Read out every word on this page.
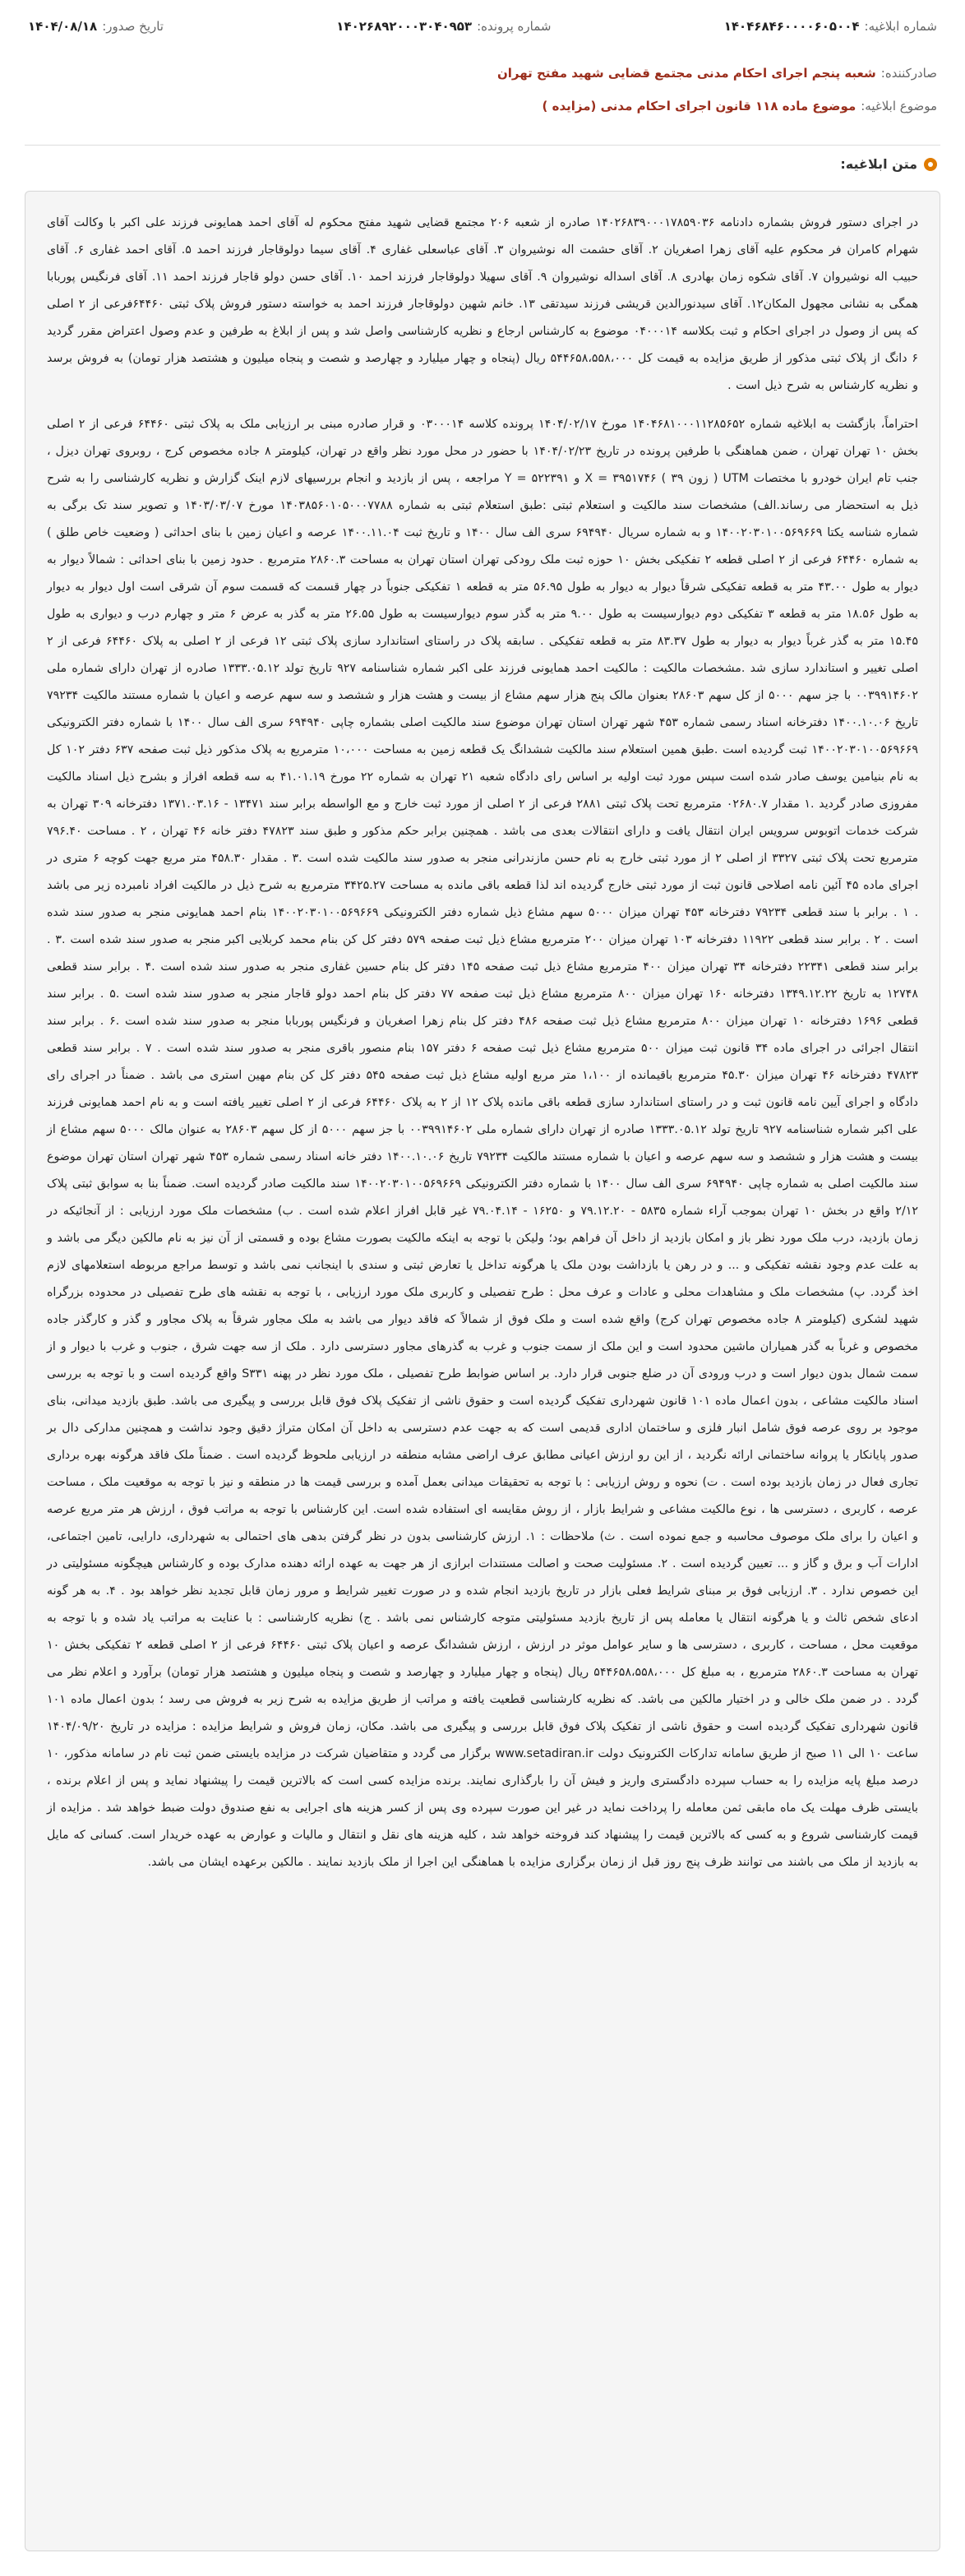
شماره ابلاغیه:
۱۴۰۴۶۸۴۶۰۰۰۰۶۰۵۰۰۴
شماره پرونده:
۱۴۰۲۶۸۹۲۰۰۰۳۰۴۰۹۵۳
تاریخ صدور:
۱۴۰۴/۰۸/۱۸
صادرکننده:
شعبه پنجم اجرای احکام مدنی مجتمع قضایی شهید مفتح تهران
موضوع ابلاغیه:
موضوع ماده ۱۱۸ قانون اجرای احکام مدنی (مزایده )
متن ابلاغیه:

در اجرای دستور فروش بشماره دادنامه ۱۴۰۲۶۸۳۹۰۰۰۱۷۸۵۹۰۳۶ صادره از شعبه ۲۰۶ مجتمع قضایی شهید مفتح محکوم له آقای احمد همایونی فرزند علی اکبر با وکالت آقای شهرام کامران فر محکوم علیه آقای زهرا اصغریان ۲. آقای حشمت اله نوشیروان ۳. آقای عباسعلی غفاری ۴. آقای سیما دولوقاجار فرزند احمد ۵. آقای احمد غفاری ۶. آقای حبیب اله نوشیروان ۷. آقای شکوه زمان بهادری ۸. آقای اسداله نوشیروان ۹. آقای سهیلا دولوقاجار فرزند احمد ۱۰. آقای حسن دولو قاجار فرزند احمد ۱۱. آقای فرنگیس پوربابا همگی به نشانی مجهول المکان۱۲. آقای سیدنورالدین قریشی فرزند سیدتقی ۱۳. خانم شهین دولوقاجار فرزند احمد به خواسته دستور فروش پلاک ثبتی ۶۴۴۶۰فرعی از ۲ اصلی که پس از وصول در اجرای احکام و ثبت بکلاسه ۰۴۰۰۰۱۴ موضوع به کارشناس ارجاع و نظریه کارشناسی واصل شد و پس از ابلاغ به طرفین و عدم وصول اعتراض مقرر گردید ۶ دانگ از پلاک ثبتی مذکور از طریق مزایده به قیمت کل ۵۴۴۶۵۸،۵۵۸،۰۰۰ ریال (پنجاه و چهار میلیارد و چهارصد و شصت و پنجاه میلیون و هشتصد هزار تومان) به فروش برسد و نظریه کارشناس به شرح ذیل است .

احتراماً، بازگشت به ابلاغیه شماره ۱۴۰۴۶۸۱۰۰۰۱۱۲۸۵۶۵۲ مورخ ۱۴۰۴/۰۲/۱۷ پرونده کلاسه ۰۳۰۰۰۱۴ و قرار صادره مبنی بر ارزیابی ملک به پلاک ثبتی ۶۴۴۶۰ فرعی از ۲ اصلی بخش ۱۰ تهران تهران ، ضمن هماهنگی با طرفین پرونده در تاریخ ۱۴۰۴/۰۲/۲۳ با حضور در محل مورد نظر واقع در تهران، کیلومتر ۸ جاده مخصوص کرج ، روبروی تهران دیزل ، جنب تام ایران خودرو با مختصات UTM ( زون ۳۹ ) ۳۹۵۱۷۴۶ = X و ۵۲۲۳۹۱ = Y مراجعه ، پس از بازدید و انجام بررسیهای لازم اینک گزارش و نظریه کارشناسی را به شرح ذیل به استحضار می رساند.الف) مشخصات سند مالکیت و استعلام ثبتی :طبق استعلام ثبتی به شماره ۱۴۰۳۸۵۶۰۱۰۵۰۰۰۷۷۸۸ مورخ ۱۴۰۳/۰۳/۰۷ و تصویر سند تک برگی به شماره شناسه یکتا ۱۴۰۰۲۰۳۰۱۰۰۵۶۹۶۶۹ و به شماره سریال ۶۹۴۹۴۰ سری الف سال ۱۴۰۰ و تاریخ ثبت ۱۴۰۰.۱۱.۰۴ عرصه و اعیان زمین با بنای احداثی ( وضعیت خاص طلق ) به شماره ۶۴۴۶۰ فرعی از ۲ اصلی قطعه ۲ تفکیکی بخش ۱۰ حوزه ثبت ملک رودکی تهران استان تهران به مساحت ۲۸۶۰.۳ مترمربع . حدود زمین با بنای احداثی : شمالاً دیوار به دیوار به طول ۴۳.۰۰ متر به قطعه تفکیکی شرقاً دیوار به دیوار به طول ۵۶.۹۵ متر به قطعه ۱ تفکیکی جنوباً در چهار قسمت که قسمت سوم آن شرقی است اول دیوار به دیوار به طول ۱۸.۵۶ متر به قطعه ۳ تفکیکی دوم دیوارسیست به طول ۹.۰۰ متر به گذر سوم دیوارسیست به طول ۲۶.۵۵ متر به گذر به عرض ۶ متر و چهارم درب و دیواری به طول ۱۵.۴۵ متر به گذر غرباً دیوار به دیوار به طول ۸۳.۳۷ متر به قطعه تفکیکی . سابقه پلاک در راستای استاندارد سازی پلاک ثبتی ۱۲ فرعی از ۲ اصلی به پلاک ۶۴۴۶۰ فرعی از ۲ اصلی تغییر و استاندارد سازی شد .مشخصات مالکیت : مالکیت احمد همایونی فرزند علی اکبر شماره شناسنامه ۹۲۷ تاریخ تولد ۱۳۳۳.۰۵.۱۲ صادره از تهران دارای شماره ملی ۰۰۳۹۹۱۴۶۰۲ با جز سهم ۵۰۰۰ از کل سهم ۲۸۶۰۳ بعنوان مالک پنج هزار سهم مشاع از بیست و هشت هزار و ششصد و سه سهم عرصه و اعیان با شماره مستند مالکیت ۷۹۲۳۴ تاریخ ۱۴۰۰.۱۰.۰۶ دفترخانه اسناد رسمی شماره ۴۵۳ شهر تهران استان تهران موضوع سند مالکیت اصلی بشماره چاپی ۶۹۴۹۴۰ سری الف سال ۱۴۰۰ با شماره دفتر الکترونیکی ۱۴۰۰۲۰۳۰۱۰۰۵۶۹۶۶۹ ثبت گردیده است .طبق همین استعلام سند مالکیت ششدانگ یک قطعه زمین به مساحت ۱۰،۰۰۰ مترمربع به پلاک مذکور ذیل ثبت صفحه ۶۳۷ دفتر ۱۰۲ کل به نام بنیامین یوسف صادر شده است سپس مورد ثبت اولیه بر اساس رای دادگاه شعبه ۲۱ تهران به شماره ۲۲ مورخ ۴۱.۰۱.۱۹ به سه قطعه افراز و بشرح ذیل اسناد مالکیت مفروزی صادر گردید .۱ مقدار ۰۲۶۸۰.۷ مترمربع تحت پلاک ثبتی ۲۸۸۱ فرعی از ۲ اصلی از مورد ثبت خارج و مع الواسطه برابر سند ۱۳۴۷۱ - ۱۳۷۱.۰۳.۱۶ دفترخانه ۳۰۹ تهران به شرکت خدمات اتوبوس سرویس ایران انتقال یافت و دارای انتقالات بعدی می باشد . همچنین برابر حکم مذکور و طبق سند ۴۷۸۲۳ دفتر خانه ۴۶ تهران ، ۲ . مساحت ۷۹۶.۴۰ مترمربع تحت پلاک ثبتی ۳۳۲۷ از اصلی ۲ از مورد ثبتی خارج به نام حسن مازندرانی منجر به صدور سند مالکیت شده است .۳ . مقدار ۴۵۸.۳۰ متر مربع جهت کوچه ۶ متری در اجرای ماده ۴۵ آئین نامه اصلاحی قانون ثبت از مورد ثبتی خارج گردیده اند لذا قطعه باقی مانده به مساحت ۳۴۲۵.۲۷ مترمربع به شرح ذیل در مالکیت افراد نامبرده زیر می باشد . ۱ . برابر با سند قطعی ۷۹۲۳۴ دفترخانه ۴۵۳ تهران میزان ۵۰۰۰ سهم مشاع ذیل شماره دفتر الکترونیکی ۱۴۰۰۲۰۳۰۱۰۰۵۶۹۶۶۹ بنام احمد همایونی منجر به صدور سند شده است . ۲ . برابر سند قطعی ۱۱۹۲۲ دفترخانه ۱۰۳ تهران میزان ۲۰۰ مترمربع مشاع ذیل ثبت صفحه ۵۷۹ دفتر کل کن بنام محمد کربلایی اکبر منجر به صدور سند شده است .۳ . برابر سند قطعی ۲۲۳۴۱ دفترخانه ۳۴ تهران میزان ۴۰۰ مترمربع مشاع ذیل ثبت صفحه ۱۴۵ دفتر کل بنام حسین غفاری منجر به صدور سند شده است .۴ . برابر سند قطعی ۱۲۷۴۸ به تاریخ ۱۳۴۹.۱۲.۲۲ دفترخانه ۱۶۰ تهران میزان ۸۰۰ مترمربع مشاع ذیل ثبت صفحه ۷۷ دفتر کل بنام احمد دولو قاجار منجر به صدور سند شده است .۵ . برابر سند قطعی ۱۶۹۶ دفترخانه ۱۰ تهران میزان ۸۰۰ مترمربع مشاع ذیل ثبت صفحه ۴۸۶ دفتر کل بنام زهرا اصغریان و فرنگیس پوربابا منجر به صدور سند شده است .۶ . برابر سند انتقال اجرائی در اجرای ماده ۳۴ قانون ثبت میزان ۵۰۰ مترمربع مشاع ذیل ثبت صفحه ۶ دفتر ۱۵۷ بنام منصور باقری منجر به صدور سند شده است . ۷ . برابر سند قطعی ۴۷۸۲۳ دفترخانه ۴۶ تهران میزان ۴۵.۳۰ مترمربع باقیمانده از ۱،۱۰۰ متر مربع اولیه مشاع ذیل ثبت صفحه ۵۴۵ دفتر کل کن بنام مهین استری می باشد . ضمناً در اجرای رای دادگاه و اجرای آیین نامه قانون ثبت و در راستای استاندارد سازی قطعه باقی مانده پلاک ۱۲ از ۲ به پلاک ۶۴۴۶۰ فرعی از ۲ اصلی تغییر یافته است و به نام احمد همایونی فرزند علی اکبر شماره شناسنامه ۹۲۷ تاریخ تولد ۱۳۳۳.۰۵.۱۲ صادره از تهران دارای شماره ملی ۰۰۳۹۹۱۴۶۰۲ با جز سهم ۵۰۰۰ از کل سهم ۲۸۶۰۳ به عنوان مالک ۵۰۰۰ سهم مشاع از بیست و هشت هزار و ششصد و سه سهم عرصه و اعیان با شماره مستند مالکیت ۷۹۲۳۴ تاریخ ۱۴۰۰.۱۰.۰۶ دفتر خانه اسناد رسمی شماره ۴۵۳ شهر تهران استان تهران موضوع سند مالکیت اصلی به شماره چاپی ۶۹۴۹۴۰ سری الف سال ۱۴۰۰ با شماره دفتر الکترونیکی ۱۴۰۰۲۰۳۰۱۰۰۵۶۹۶۶۹ سند مالکیت صادر گردیده است. ضمناً بنا به سوابق ثبتی پلاک ۲/۱۲ واقع در بخش ۱۰ تهران بموجب آراء شماره ۵۸۳۵ - ۷۹.۱۲.۲۰ و ۱۶۲۵۰ - ۷۹.۰۴.۱۴ غیر قابل افراز اعلام شده است . ب) مشخصات ملک مورد ارزیابی : از آنجائیکه در زمان بازدید، درب ملک مورد نظر باز و امکان بازدید از داخل آن فراهم بود؛ ولیکن با توجه به اینکه مالکیت بصورت مشاع بوده و قسمتی از آن نیز به نام مالکین دیگر می باشد و به علت عدم وجود نقشه تفکیکی و ... و در رهن یا بازداشت بودن ملک یا هرگونه تداخل یا تعارض ثبتی و سندی با اینجانب نمی باشد و توسط مراجع مربوطه استعلامهای لازم اخذ گردد. پ) مشخصات ملک و مشاهدات محلی و عادات و عرف محل : طرح تفصیلی و کاربری ملک مورد ارزیابی ، با توجه به نقشه های طرح تفصیلی در محدوده بزرگراه شهید لشکری (کیلومتر ۸ جاده مخصوص تهران کرج) واقع شده است و ملک فوق از شمالاً که فاقد دیوار می باشد به ملک مجاور شرقاً به پلاک مجاور و گذر و کارگذر جاده مخصوص و غرباً به گذر همیاران ماشین محدود است و این ملک از سمت جنوب و غرب به گذرهای مجاور دسترسی دارد . ملک از سه جهت شرق ، جنوب و غرب با دیوار و از سمت شمال بدون دیوار است و درب ورودی آن در ضلع جنوبی قرار دارد. بر اساس ضوابط طرح تفصیلی ، ملک مورد نظر در پهنه S۳۳۱ واقع گردیده است و با توجه به بررسی اسناد مالکیت مشاعی ، بدون اعمال ماده ۱۰۱ قانون شهرداری تفکیک گردیده است و حقوق ناشی از تفکیک پلاک فوق قابل بررسی و پیگیری می باشد. طبق بازدید میدانی، بنای موجود بر روی عرصه فوق شامل انبار فلزی و ساختمان اداری قدیمی است که به جهت عدم دسترسی به داخل آن امکان متراژ دقیق وجود نداشت و همچنین مدارکی دال بر صدور پایانکار یا پروانه ساختمانی ارائه نگردید ، از این رو ارزش اعیانی مطابق عرف اراضی مشابه منطقه در ارزیابی ملحوظ گردیده است . ضمناً ملک فاقد هرگونه بهره برداری تجاری فعال در زمان بازدید بوده است . ت) نحوه و روش ارزیابی : با توجه به تحقیقات میدانی بعمل آمده و بررسی قیمت ها در منطقه و نیز با توجه به موقعیت ملک ، مساحت عرصه ، کاربری ، دسترسی ها ، نوع مالکیت مشاعی و شرایط بازار ، از روش مقایسه ای استفاده شده است. این کارشناس با توجه به مراتب فوق ، ارزش هر متر مربع عرصه و اعیان را برای ملک موصوف محاسبه و جمع نموده است . ث) ملاحظات : ۱. ارزش کارشناسی بدون در نظر گرفتن بدهی های احتمالی به شهرداری، دارایی، تامین اجتماعی، ادارات آب و برق و گاز و ... تعیین گردیده است . ۲. مسئولیت صحت و اصالت مستندات ابرازی از هر جهت به عهده ارائه دهنده مدارک بوده و کارشناس هیچگونه مسئولیتی در این خصوص ندارد . ۳. ارزیابی فوق بر مبنای شرایط فعلی بازار در تاریخ بازدید انجام شده و در صورت تغییر شرایط و مرور زمان قابل تجدید نظر خواهد بود . ۴. به هر گونه ادعای شخص ثالث و یا هرگونه انتقال یا معامله پس از تاریخ بازدید مسئولیتی متوجه کارشناس نمی باشد . ج) نظریه کارشناسی : با عنایت به مراتب یاد شده و با توجه به موقعیت محل ، مساحت ، کاربری ، دسترسی ها و سایر عوامل موثر در ارزش ، ارزش ششدانگ عرصه و اعیان پلاک ثبتی ۶۴۴۶۰ فرعی از ۲ اصلی قطعه ۲ تفکیکی بخش ۱۰ تهران به مساحت ۲۸۶۰.۳ مترمربع ، به مبلغ کل ۵۴۴۶۵۸،۵۵۸،۰۰۰ ریال (پنجاه و چهار میلیارد و چهارصد و شصت و پنجاه میلیون و هشتصد هزار تومان) برآورد و اعلام نظر می گردد . در ضمن ملک خالی و در اختیار مالکین می باشد. که نظریه کارشناسی قطعیت یافته و مراتب از طریق مزایده به شرح زیر به فروش می رسد ؛ بدون اعمال ماده ۱۰۱ قانون شهرداری تفکیک گردیده است و حقوق ناشی از تفکیک پلاک فوق قابل بررسی و پیگیری می باشد. مکان، زمان فروش و شرایط مزایده : مزایده در تاریخ ۱۴۰۴/۰۹/۲۰ ساعت ۱۰ الی ۱۱ صبح از طریق سامانه تدارکات الکترونیک دولت www.setadiran.ir برگزار می گردد و متقاضیان شرکت در مزایده بایستی ضمن ثبت نام در سامانه مذکور، ۱۰ درصد مبلغ پایه مزایده را به حساب سپرده دادگستری واریز و فیش آن را بارگذاری نمایند. برنده مزایده کسی است که بالاترین قیمت را پیشنهاد نماید و پس از اعلام برنده ، بایستی ظرف مهلت یک ماه مابقی ثمن معامله را پرداخت نماید در غیر این صورت سپرده وی پس از کسر هزینه های اجرایی به نفع صندوق دولت ضبط خواهد شد . مزایده از قیمت کارشناسی شروع و به کسی که بالاترین قیمت را پیشنهاد کند فروخته خواهد شد ، کلیه هزینه های نقل و انتقال و مالیات و عوارض به عهده خریدار است. کسانی که مایل به بازدید از ملک می باشند می توانند ظرف پنج روز قبل از زمان برگزاری مزایده با هماهنگی این اجرا از ملک بازدید نمایند . مالکین برعهده ایشان می باشد.
